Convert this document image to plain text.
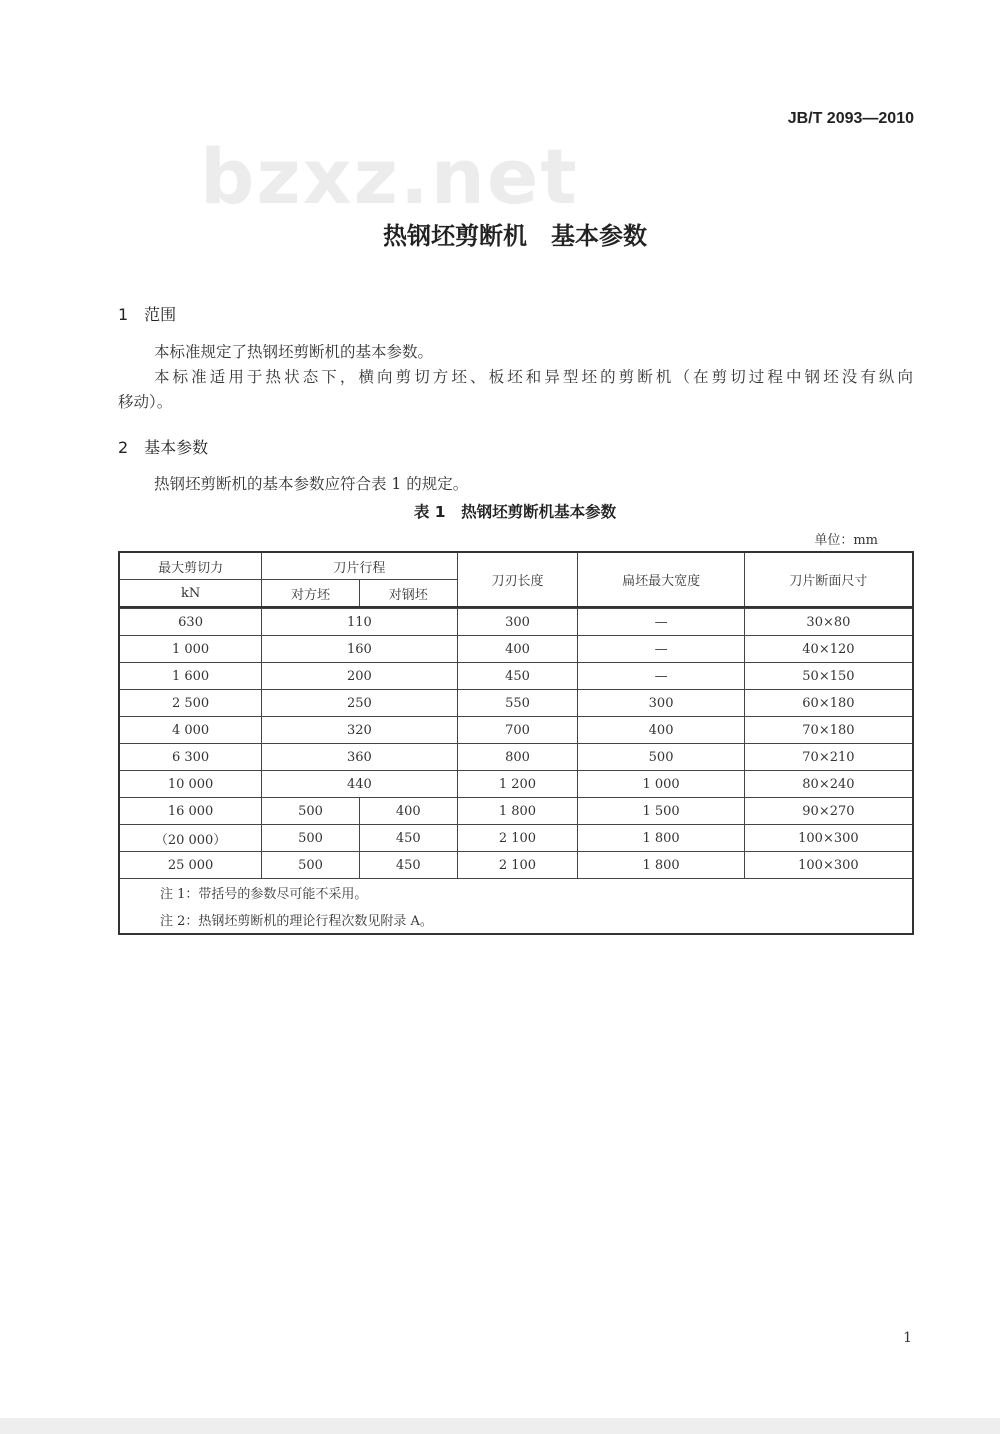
JB/T 2093—2010
bzxz.net
热钢坯剪断机　基本参数
1　范围
本标准规定了热钢坯剪断机的基本参数。
本标准适用于热状态下，横向剪切方坯、板坯和异型坯的剪断机（在剪切过程中钢坯没有纵向
移动）。
2　基本参数
热钢坯剪断机的基本参数应符合表 1 的规定。
表 1　热钢坯剪断机基本参数
单位：mm
最大剪切力	刀片行程		刀刃长度	扁坯最大宽度	刀片断面尺寸
kN	对方坯	对钢坯			

630	110		300	—	30×80
1 000	160		400	—	40×120
1 600	200		450	—	50×150
2 500	250		550	300	60×180
4 000	320		700	400	70×180
6 300	360		800	500	70×210
10 000	440		1 200	1 000	80×240
16 000	500	400	1 800	1 500	90×270
（20 000）	500	450	2 100	1 800	100×300
25 000	500	450	2 100	1 800	100×300
注 1：带括号的参数尽可能不采用。					
注 2：热钢坯剪断机的理论行程次数见附录 A。					
1
